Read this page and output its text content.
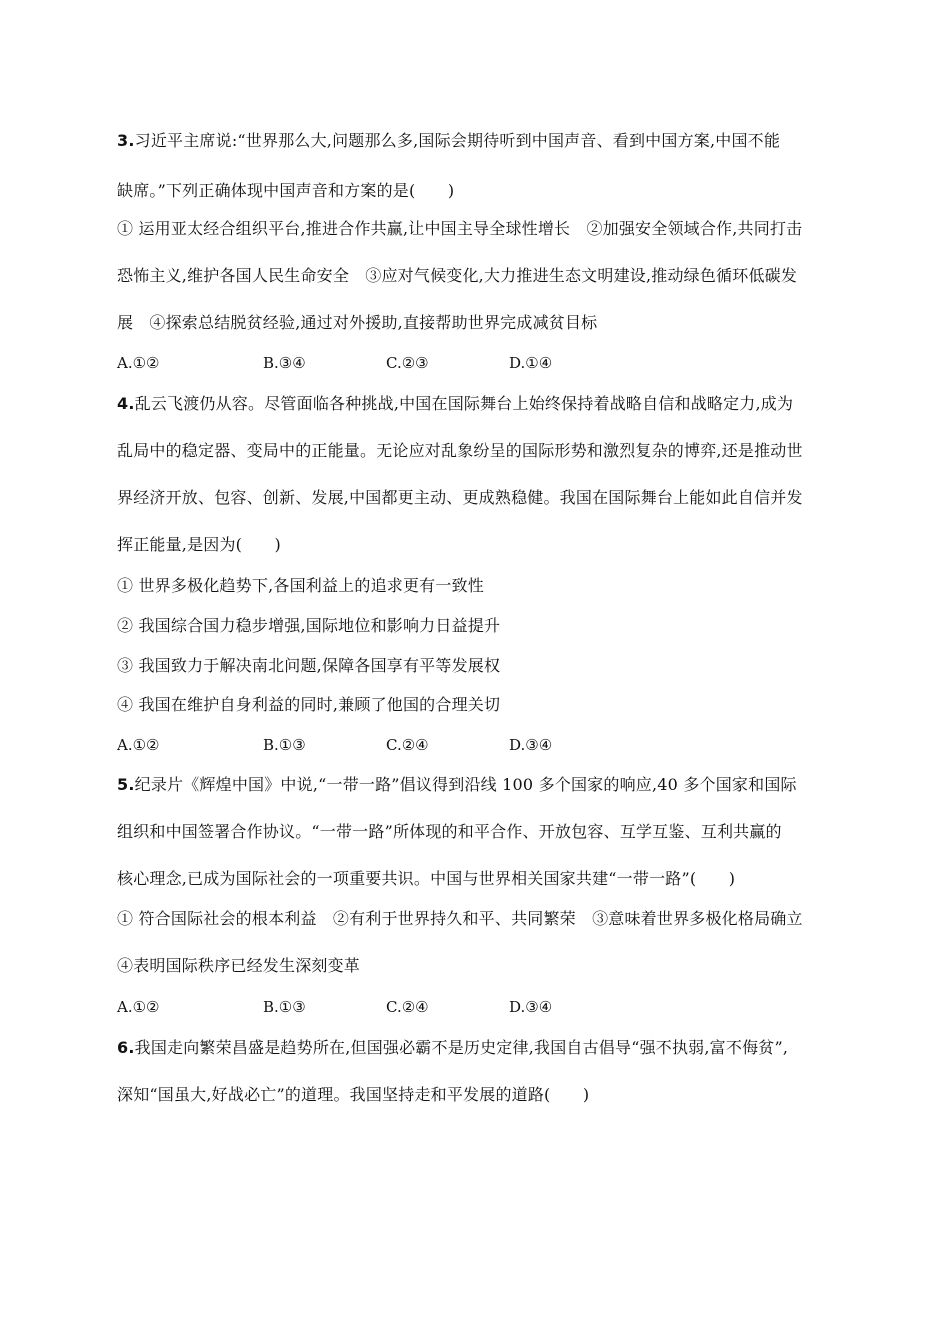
3.习近平主席说:“世界那么大,问题那么多,国际会期待听到中国声音、看到中国方案,中国不能
缺席。”下列正确体现中国声音和方案的是(　　)
① 运用亚太经合组织平台,推进合作共赢,让中国主导全球性增长　②加强安全领域合作,共同打击
恐怖主义,维护各国人民生命安全　③应对气候变化,大力推进生态文明建设,推动绿色循环低碳发
展　④探索总结脱贫经验,通过对外援助,直接帮助世界完成减贫目标
A.①②	B.③④	C.②③	D.①④
4.乱云飞渡仍从容。尽管面临各种挑战,中国在国际舞台上始终保持着战略自信和战略定力,成为
乱局中的稳定器、变局中的正能量。无论应对乱象纷呈的国际形势和激烈复杂的博弈,还是推动世
界经济开放、包容、创新、发展,中国都更主动、更成熟稳健。我国在国际舞台上能如此自信并发
挥正能量,是因为(　　)
① 世界多极化趋势下,各国利益上的追求更有一致性
② 我国综合国力稳步增强,国际地位和影响力日益提升
③ 我国致力于解决南北问题,保障各国享有平等发展权
④ 我国在维护自身利益的同时,兼顾了他国的合理关切
A.①②	B.①③	C.②④	D.③④
5.纪录片《辉煌中国》中说,“一带一路”倡议得到沿线 100 多个国家的响应,40 多个国家和国际
组织和中国签署合作协议。“一带一路”所体现的和平合作、开放包容、互学互鉴、互利共赢的
核心理念,已成为国际社会的一项重要共识。中国与世界相关国家共建“一带一路”(　　)
① 符合国际社会的根本利益　②有利于世界持久和平、共同繁荣　③意味着世界多极化格局确立
④表明国际秩序已经发生深刻变革
A.①②	B.①③	C.②④	D.③④
6.我国走向繁荣昌盛是趋势所在,但国强必霸不是历史定律,我国自古倡导“强不执弱,富不侮贫”,
深知“国虽大,好战必亡”的道理。我国坚持走和平发展的道路(　　)
